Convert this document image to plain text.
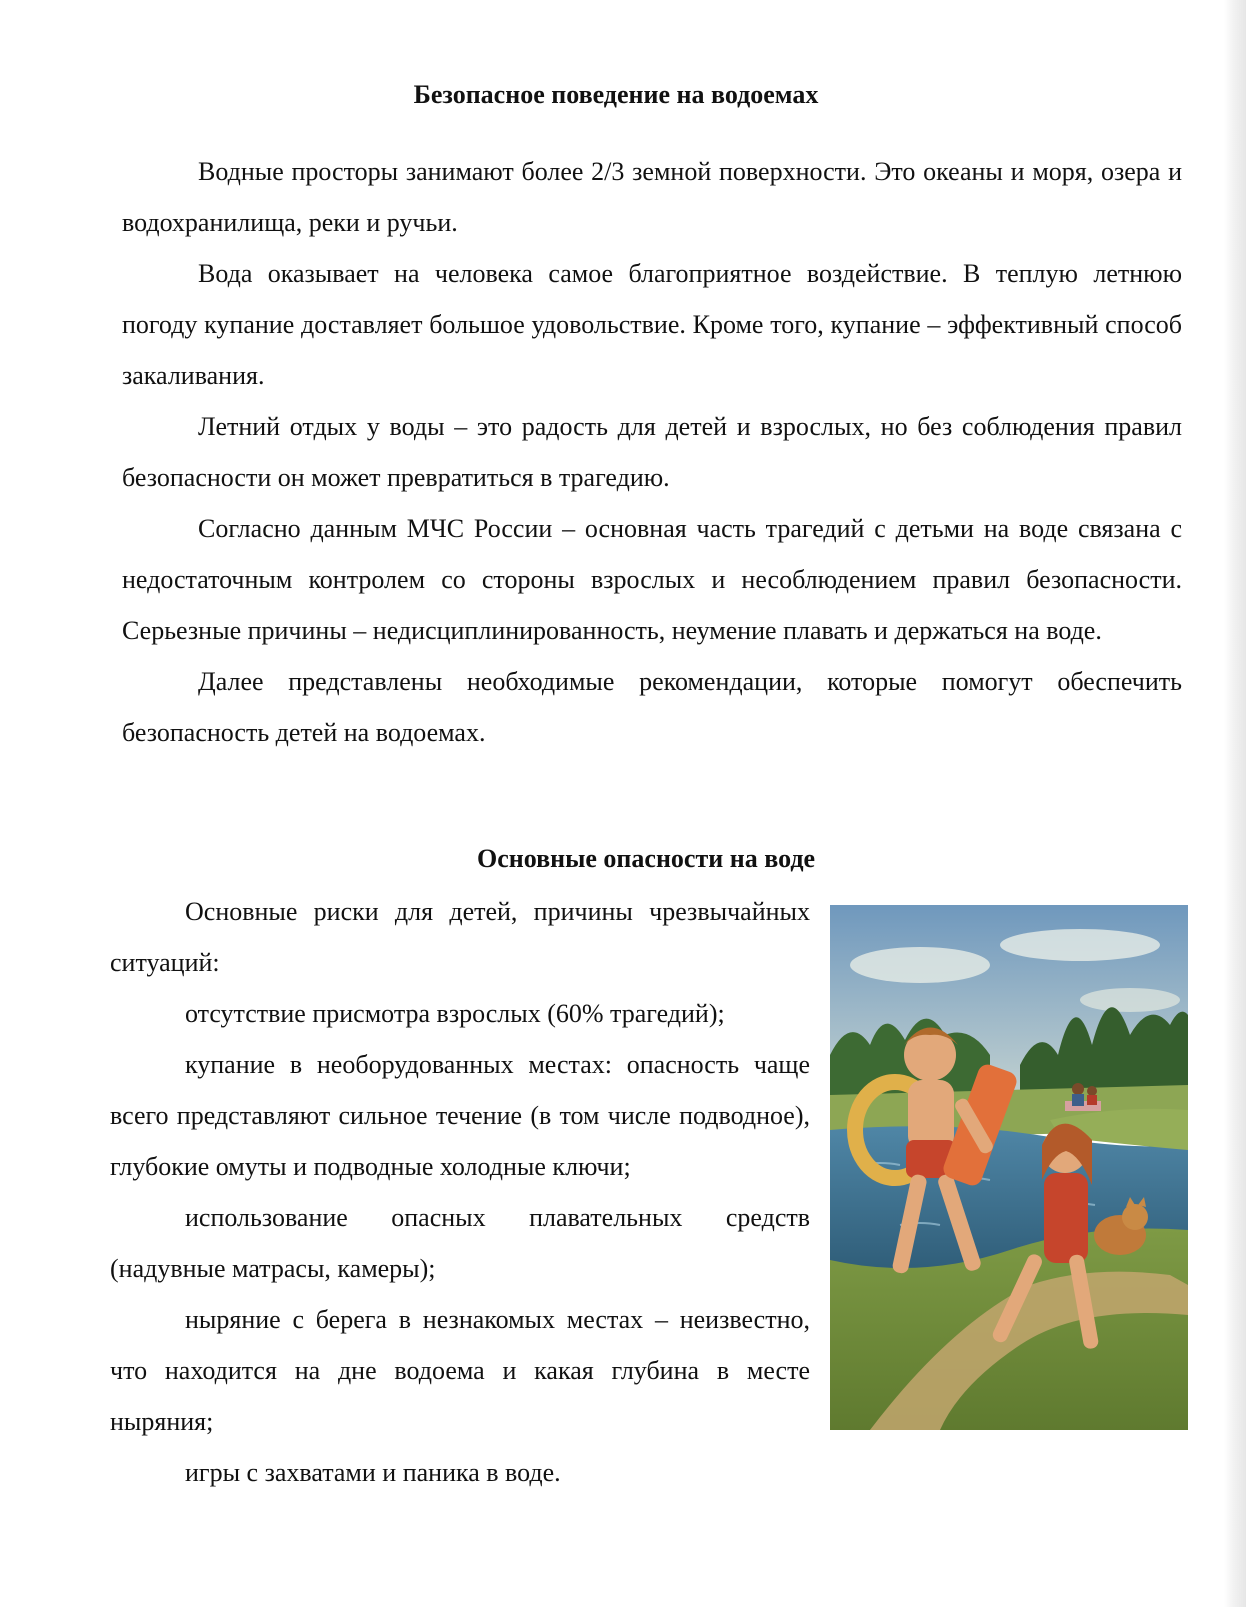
Безопасное поведение на водоемах

Водные просторы занимают более 2/3 земной поверхности. Это океаны и моря, озера и водохранилища, реки и ручьи.

Вода оказывает на человека самое благоприятное воздействие. В теплую летнюю погоду купание доставляет большое удовольствие. Кроме того, купание – эффективный способ закаливания.

Летний отдых у воды – это радость для детей и взрослых, но без соблюдения правил безопасности он может превратиться в трагедию.

Согласно данным МЧС России – основная часть трагедий с детьми на воде связана с недостаточным контролем со стороны взрослых и несоблюдением правил безопасности. Серьезные причины – недисциплинированность, неумение плавать и держаться на воде.

Далее представлены необходимые рекомендации, которые помогут обеспечить безопасность детей на водоемах.

Основные опасности на воде

Основные риски для детей, причины чрезвычайных ситуаций:

отсутствие присмотра взрослых (60% трагедий);

купание в необорудованных местах: опасность чаще всего представляют сильное течение (в том числе подводное), глубокие омуты и подводные холодные ключи;

использование опасных плавательных средств (надувные матрасы, камеры);

ныряние с берега в незнакомых местах – неизвестно, что находится на дне водоема и какая глубина в месте ныряния;

игры с захватами и паника в воде.
